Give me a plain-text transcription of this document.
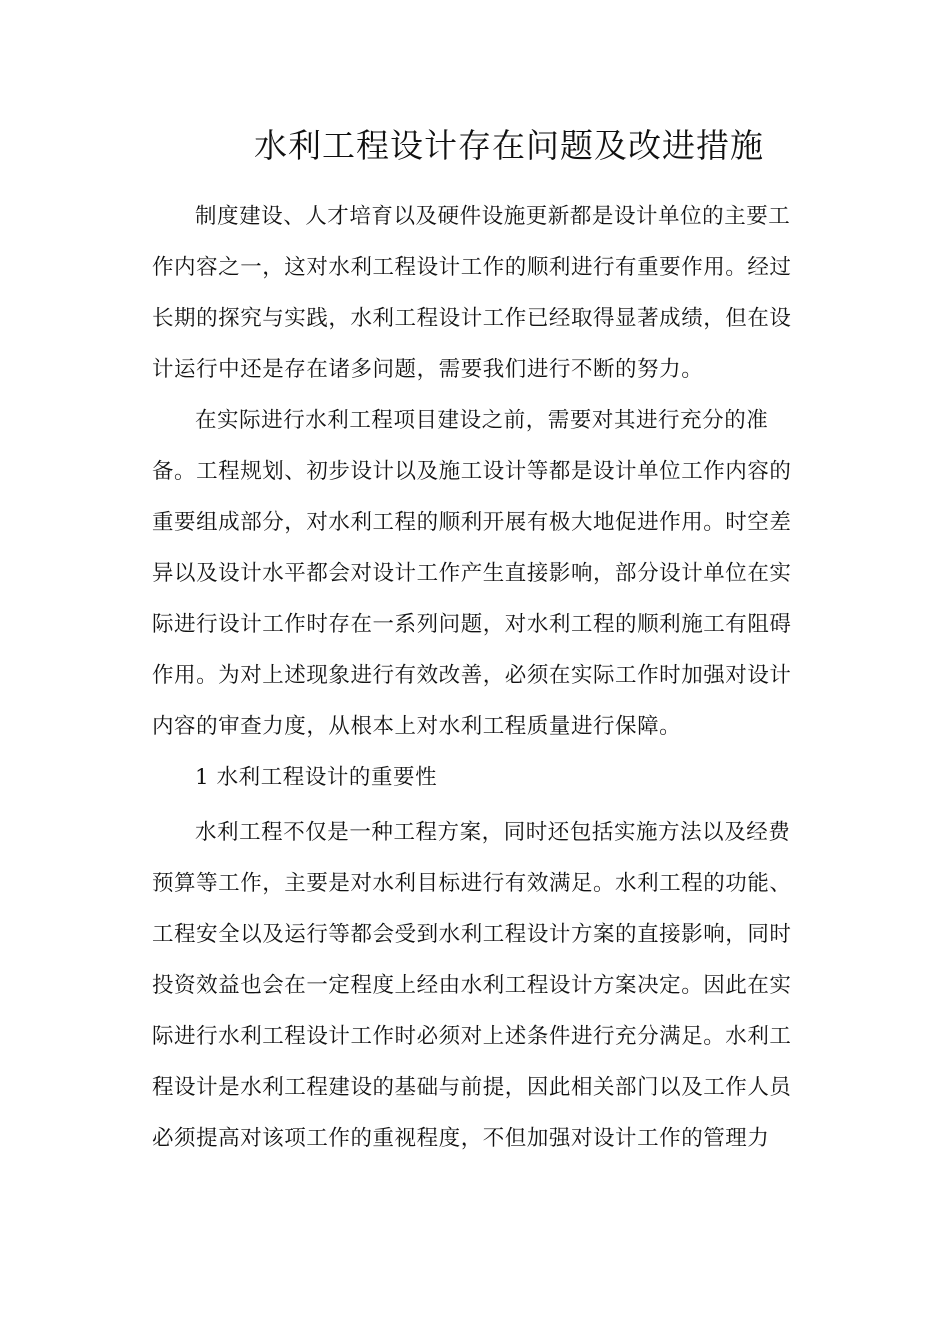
水利工程设计存在问题及改进措施

制度建设、人才培育以及硬件设施更新都是设计单位的主要工

作内容之一，这对水利工程设计工作的顺利进行有重要作用。经过

长期的探究与实践，水利工程设计工作已经取得显著成绩，但在设

计运行中还是存在诸多问题，需要我们进行不断的努力。

在实际进行水利工程项目建设之前，需要对其进行充分的准

备。工程规划、初步设计以及施工设计等都是设计单位工作内容的

重要组成部分，对水利工程的顺利开展有极大地促进作用。时空差

异以及设计水平都会对设计工作产生直接影响，部分设计单位在实

际进行设计工作时存在一系列问题，对水利工程的顺利施工有阻碍

作用。为对上述现象进行有效改善，必须在实际工作时加强对设计

内容的审查力度，从根本上对水利工程质量进行保障。

1 水利工程设计的重要性

水利工程不仅是一种工程方案，同时还包括实施方法以及经费

预算等工作，主要是对水利目标进行有效满足。水利工程的功能、

工程安全以及运行等都会受到水利工程设计方案的直接影响，同时

投资效益也会在一定程度上经由水利工程设计方案决定。因此在实

际进行水利工程设计工作时必须对上述条件进行充分满足。水利工

程设计是水利工程建设的基础与前提，因此相关部门以及工作人员

必须提高对该项工作的重视程度，不但加强对设计工作的管理力
